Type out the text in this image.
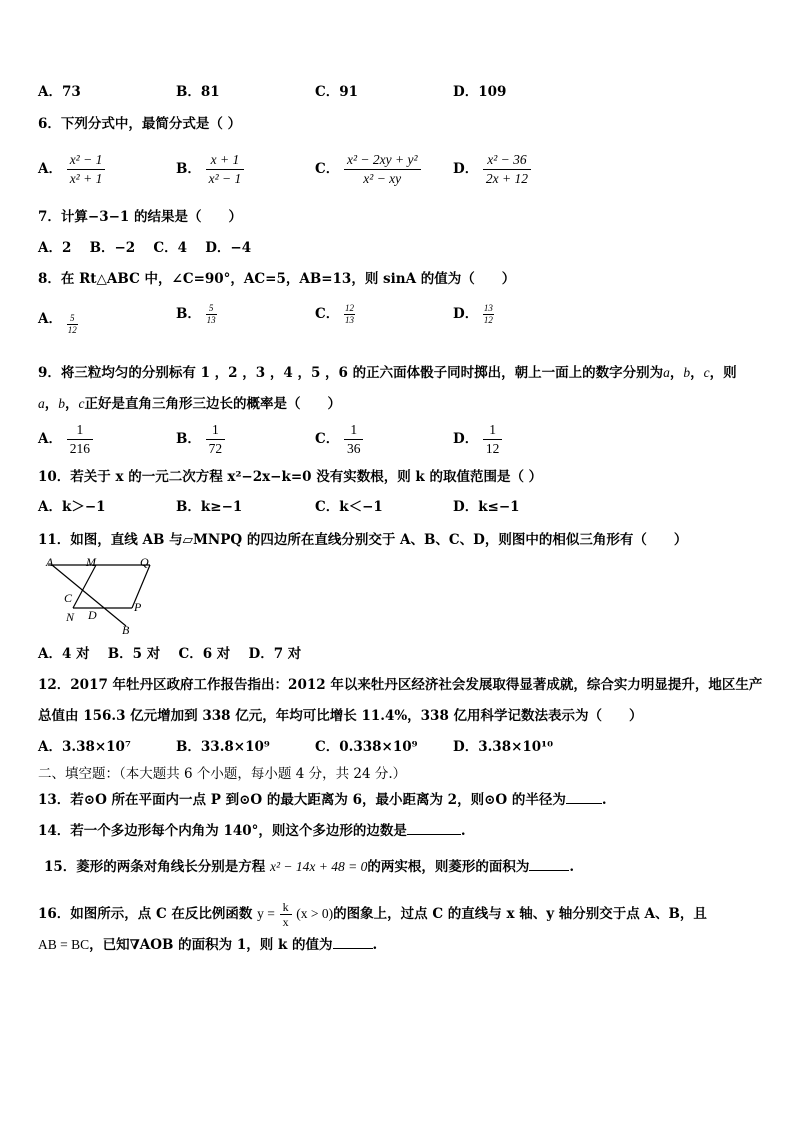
A．73	B．81	C．91	D．109
6．下列分式中，最简分式是（ ）
A． $\frac{\text{x² − 1}}{\text{x² + 1}}$	B． $\frac{x + 1}{\text{x² − 1}}$	C． $\frac{\text{x² − 2xy + y²}}{\text{x² − xy}}$ D． $\frac{\text{x² − 36}}{2x + 12}$
7．计算−3−1 的结果是（　　）
A．2　 B．−2　 C．4　 D．−4
8．在 Rt△ABC 中，∠C=90°，AC=5，AB=13，则 sinA 的值为（　　）
A． $\frac{5}{12}$	B． $\frac{5}{13}$	C． $\frac{12}{13}$	D． $\frac{13}{12}$
9．将三粒均匀的分别标有 1 ，2 ，3 ，4 ，5 ，6 的正六面体骰子同时掷出，朝上一面上的数字分别为a，b，c，则
a，b，c正好是直角三角形三边长的概率是（　　）
A． $\frac{1}{216}$	B． $\frac{1}{72}$	C． $\frac{1}{36}$	D． $\frac{1}{12}$
10．若关于 x 的一元二次方程 x²−2x−k=0 没有实数根，则 k 的取值范围是（ ）
A．k＞−1	B．k≥−1	C．k＜−1	D．k≤−1
11．如图，直线 AB 与▱MNPQ 的四边所在直线分别交于 A、B、C、D，则图中的相似三角形有（　　）
A	M	Q
C
N D
P
B
A．4 对　 B．5 对　 C．6 对　 D．7 对
12．2017 年牡丹区政府工作报告指出：2012 年以来牡丹区经济社会发展取得显著成就，综合实力明显提升，地区生产
总值由 156.3 亿元增加到 338 亿元，年均可比增长 11.4%，338 亿用科学记数法表示为（　　）
A．3.38×10⁷	B．33.8×10⁹	C．0.338×10⁹	D．3.38×10¹⁰
二、填空题：（本大题共 6 个小题，每小题 4 分，共 24 分.）
13．若⊙O 所在平面内一点 P 到⊙O 的最大距离为 6，最小距离为 2，则⊙O 的半径为	.
14．若一个多边形每个内角为 140°，则这个多边形的边数是	.
15．菱形的两条对角线长分别是方程 x² − 14x + 48 = 0的两实根，则菱形的面积为	.
16．如图所示，点 C 在反比例函数 $y = \frac{k}{x} (x > 0)$的图象上，过点 C 的直线与 x 轴、y 轴分别交于点 A、B，且
AB = BC，已知∇AOB 的面积为 1，则 k 的值为	.
